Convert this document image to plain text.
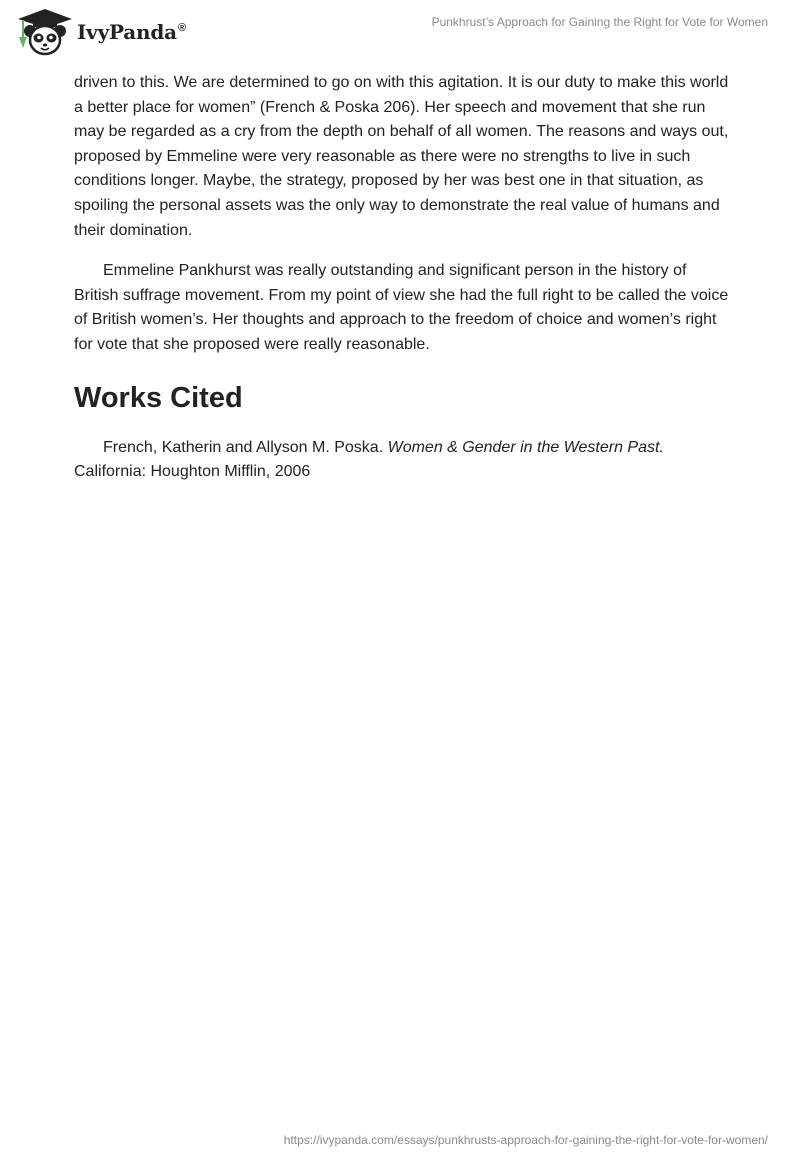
IvyPanda®	Punkhrust’s Approach for Gaining the Right for Vote for Women

driven to this. We are determined to go on with this agitation. It is our duty to make this world a better place for women” (French & Poska 206). Her speech and movement that she run may be regarded as a cry from the depth on behalf of all women. The reasons and ways out, proposed by Emmeline were very reasonable as there were no strengths to live in such conditions longer. Maybe, the strategy, proposed by her was best one in that situation, as spoiling the personal assets was the only way to demonstrate the real value of humans and their domination.

Emmeline Pankhurst was really outstanding and significant person in the history of British suffrage movement. From my point of view she had the full right to be called the voice of British women’s. Her thoughts and approach to the freedom of choice and women’s right for vote that she proposed were really reasonable.

Works Cited

French, Katherin and Allyson M. Poska. Women & Gender in the Western Past.
California: Houghton Mifflin, 2006

https://ivypanda.com/essays/punkhrusts-approach-for-gaining-the-right-for-vote-for-women/
